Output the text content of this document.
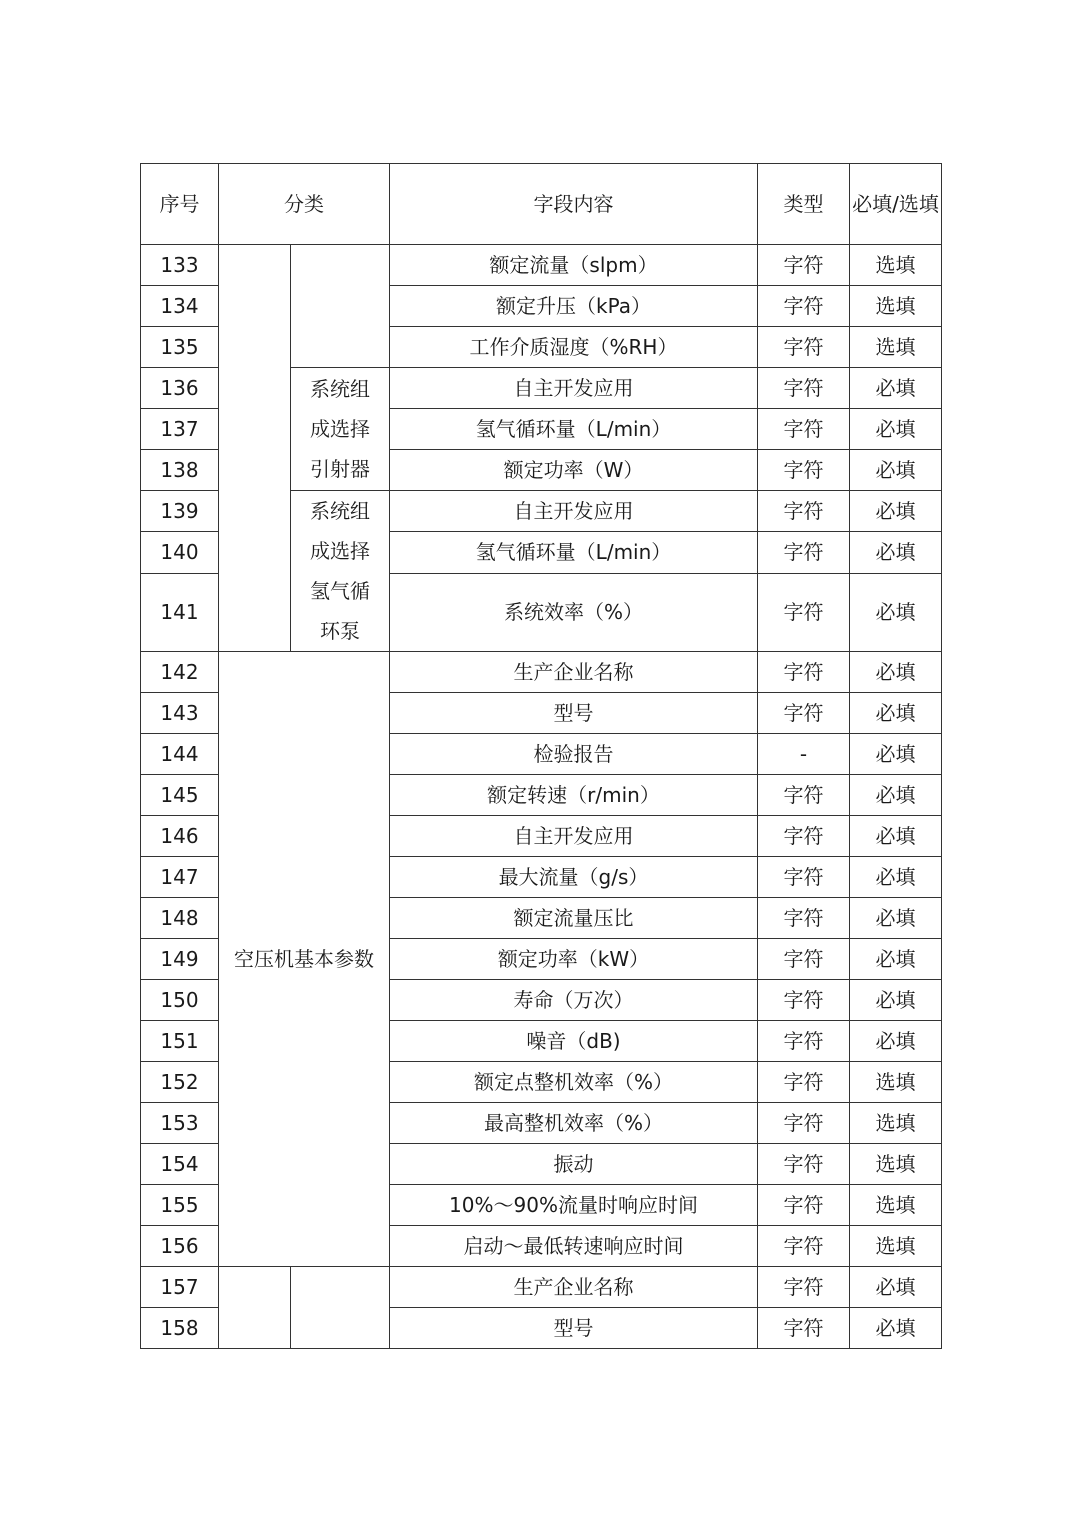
序号	分类		字段内容	类型	必填/选填
133			额定流量（slpm）	字符	选填
134			额定升压（kPa）	字符	选填
135			工作介质湿度（%RH）	字符	选填
136		系统组成选择引射器	自主开发应用	字符	必填
137			氢气循环量（L/min）	字符	必填
138			额定功率（W）	字符	必填
139		系统组成选择氢气循环泵	自主开发应用	字符	必填
140			氢气循环量（L/min）	字符	必填
141			系统效率（%）	字符	必填
142	空压机基本参数		生产企业名称	字符	必填
143			型号	字符	必填
144			检验报告	-	必填
145			额定转速（r/min）	字符	必填
146			自主开发应用	字符	必填
147			最大流量（g/s）	字符	必填
148			额定流量压比	字符	必填
149			额定功率（kW）	字符	必填
150			寿命（万次）	字符	必填
151			噪音（dB)	字符	必填
152			额定点整机效率（%）	字符	选填
153			最高整机效率（%）	字符	选填
154			振动	字符	选填
155			10%～90%流量时响应时间	字符	选填
156			启动～最低转速响应时间	字符	选填
157			生产企业名称	字符	必填
158			型号	字符	必填
